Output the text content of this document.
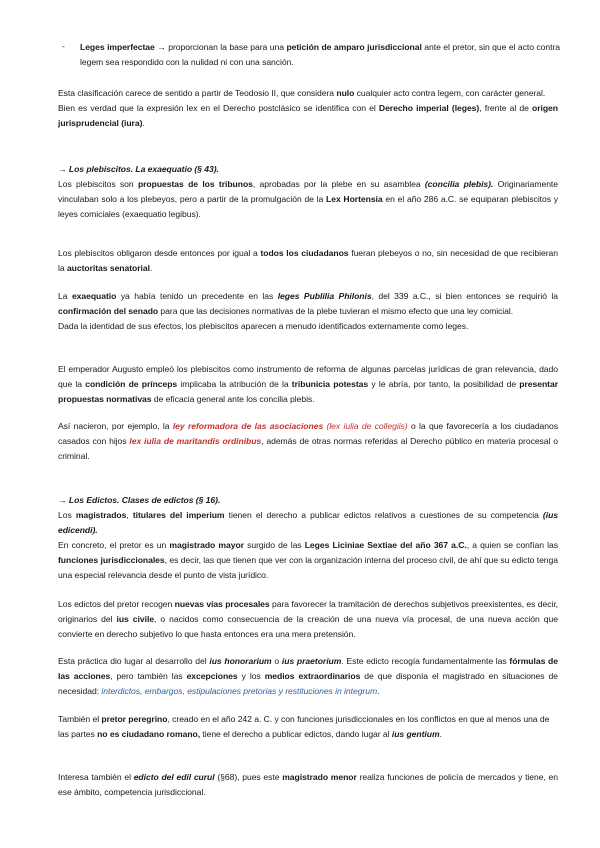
- Leges imperfectae → proporcionan la base para una petición de amparo jurisdiccional ante el pretor, sin que el acto contra legem sea respondido con la nulidad ni con una sanción.

Esta clasificación carece de sentido a partir de Teodosio II, que considera nulo cualquier acto contra legem, con carácter general.
Bien es verdad que la expresión lex en el Derecho postclásico se identifica con el Derecho imperial (leges), frente al de origen jurisprudencial (iura).

→ Los plebiscitos. La exaequatio (§ 43).

Los plebiscitos son propuestas de los tribunos, aprobadas por la plebe en su asamblea (concilia plebis). Originariamente vinculaban solo a los plebeyos, pero a partir de la promulgación de la Lex Hortensia en el año 286 a.C. se equiparan plebiscitos y leyes comiciales (exaequatio legibus).

Los plebiscitos obligaron desde entonces por igual a todos los ciudadanos fueran plebeyos o no, sin necesidad de que recibieran la auctoritas senatorial.

La exaequatio ya había tenido un precedente en las leges Publilia Philonis, del 339 a.C., si bien entonces se requirió la confirmación del senado para que las decisiones normativas de la plebe tuvieran el mismo efecto que una ley comicial.
Dada la identidad de sus efectos, los plebiscitos aparecen a menudo identificados externamente como leges.

El emperador Augusto empleó los plebiscitos como instrumento de reforma de algunas parcelas jurídicas de gran relevancia, dado que la condición de prínceps implicaba la atribución de la tribunicia potestas y le abría, por tanto, la posibilidad de presentar propuestas normativas de eficacia general ante los concilia plebis.

Así nacieron, por ejemplo, la ley reformadora de las asociaciones (lex iulia de collegiis) o la que favorecería a los ciudadanos casados con hijos lex iulia de maritandis ordinibus, además de otras normas referidas al Derecho público en materia procesal o criminal.

→ Los Edictos. Clases de edictos (§ 16).

Los magistrados, titulares del imperium tienen el derecho a publicar edictos relativos a cuestiones de su competencia (ius edicendi).
En concreto, el pretor es un magistrado mayor surgido de las Leges Liciniae Sextiae del año 367 a.C., a quien se confían las funciones jurisdiccionales, es decir, las que tienen que ver con la organización interna del proceso civil, de ahí que su edicto tenga una especial relevancia desde el punto de vista jurídico.

Los edictos del pretor recogen nuevas vías procesales para favorecer la tramitación de derechos subjetivos preexistentes, es decir, originarios del ius civile, o nacidos como consecuencia de la creación de una nueva vía procesal, de una nueva acción que convierte en derecho subjetivo lo que hasta entonces era una mera pretensión.

Esta práctica dio lugar al desarrollo del ius honorarium o ius praetorium. Este edicto recogía fundamentalmente las fórmulas de las acciones, pero también las excepciones y los medios extraordinarios de que disponía el magistrado en situaciones de necesidad: interdictos, embargos, estipulaciones pretorias y restituciones in integrum.

También el pretor peregrino, creado en el año 242 a. C. y con funciones jurisdiccionales en los conflictos en que al menos una de las partes no es ciudadano romano, tiene el derecho a publicar edictos, dando lugar al ius gentium.

Interesa también el edicto del edil curul (§68), pues este magistrado menor realiza funciones de policía de mercados y tiene, en ese ámbito, competencia jurisdiccional.
